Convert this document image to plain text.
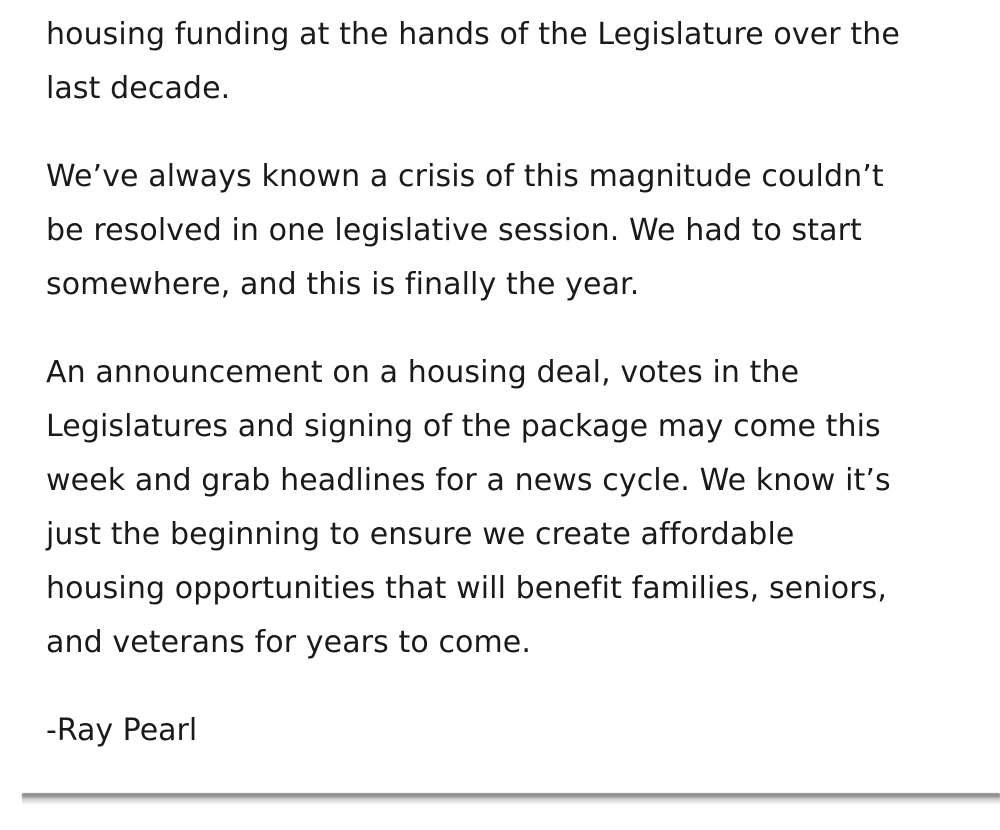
housing funding at the hands of the Legislature over the
last decade.

We’ve always known a crisis of this magnitude couldn’t
be resolved in one legislative session. We had to start
somewhere, and this is finally the year.

An announcement on a housing deal, votes in the
Legislatures and signing of the package may come this
week and grab headlines for a news cycle. We know it’s
just the beginning to ensure we create affordable
housing opportunities that will benefit families, seniors,
and veterans for years to come.

-Ray Pearl
